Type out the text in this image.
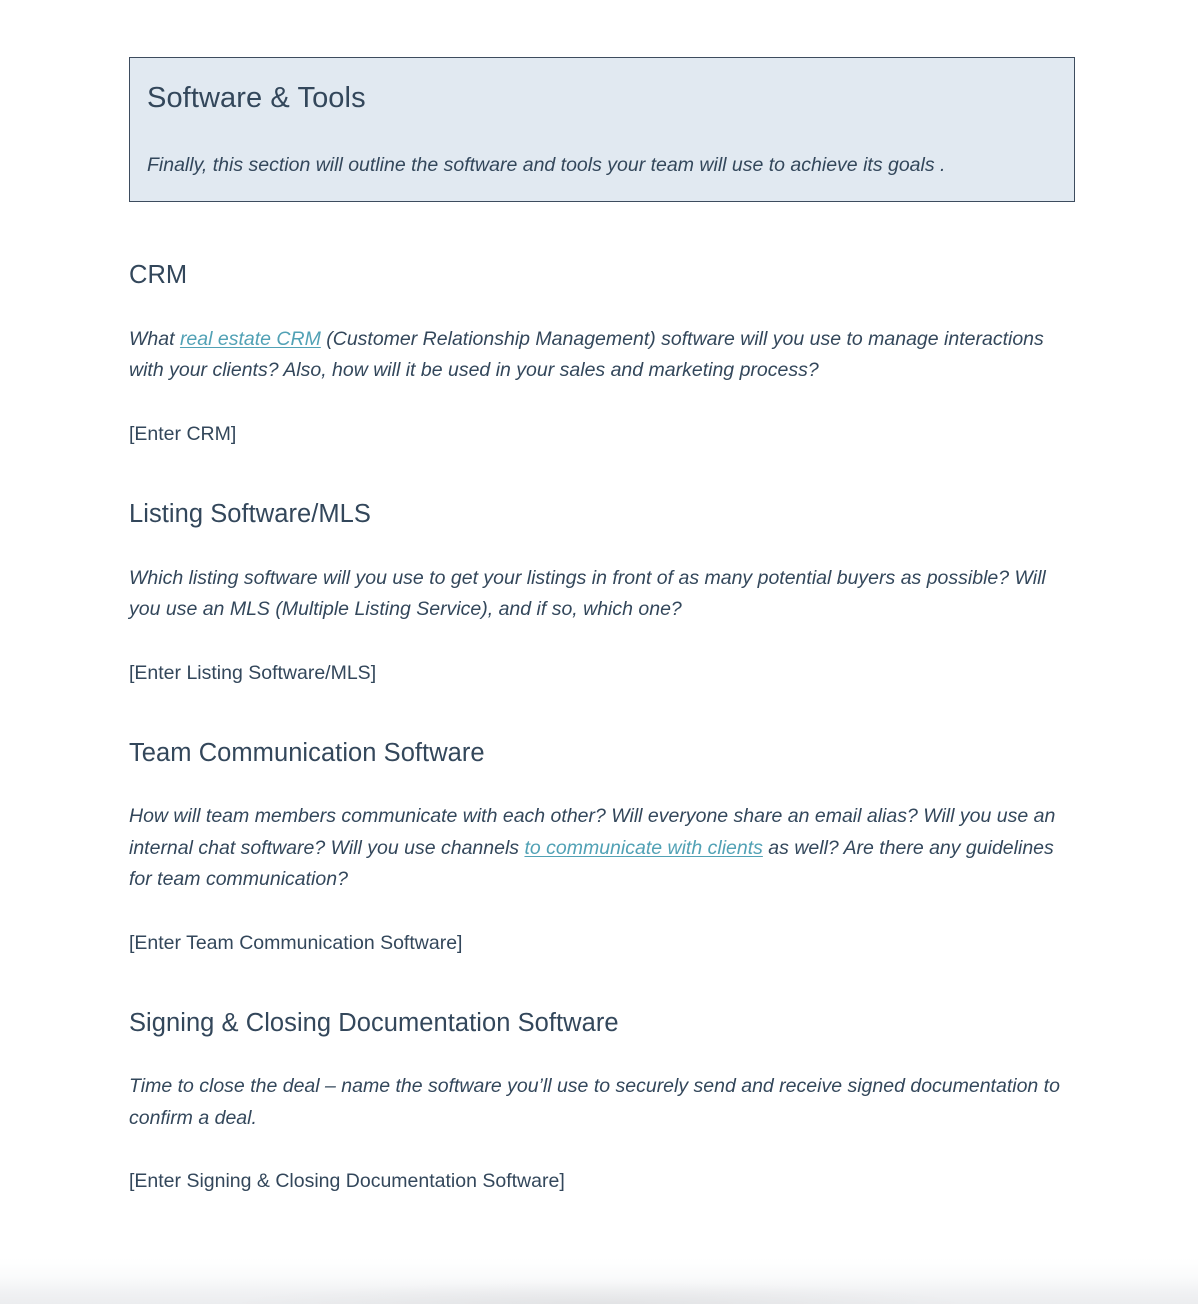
Software & Tools

Finally, this section will outline the software and tools your team will use to achieve its goals .

CRM

What real estate CRM (Customer Relationship Management) software will you use to manage interactions with your clients? Also, how will it be used in your sales and marketing process?

[Enter CRM]

Listing Software/MLS

Which listing software will you use to get your listings in front of as many potential buyers as possible? Will you use an MLS (Multiple Listing Service), and if so, which one?

[Enter Listing Software/MLS]

Team Communication Software

How will team members communicate with each other? Will everyone share an email alias? Will you use an internal chat software? Will you use channels to communicate with clients as well? Are there any guidelines for team communication?

[Enter Team Communication Software]

Signing & Closing Documentation Software

Time to close the deal – name the software you’ll use to securely send and receive signed documentation to confirm a deal.

[Enter Signing & Closing Documentation Software]
